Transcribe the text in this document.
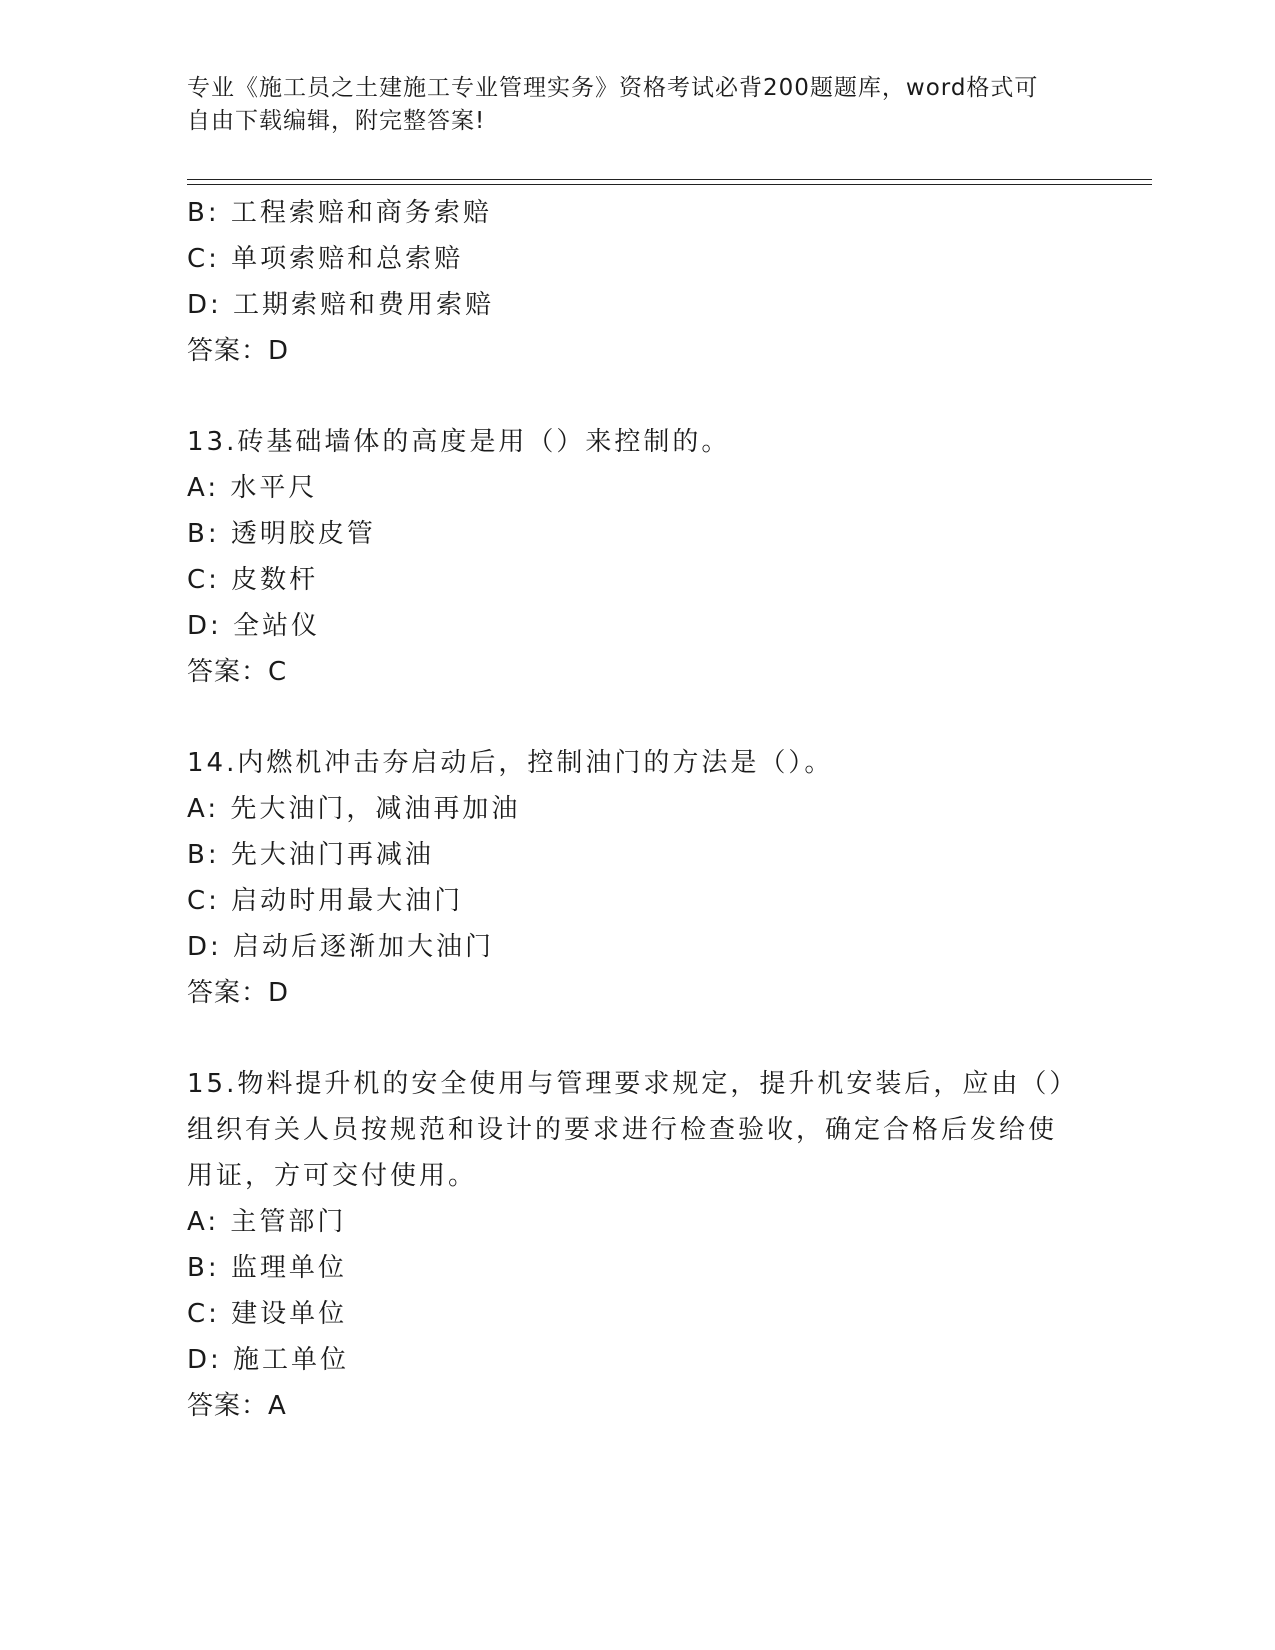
专业《施工员之土建施工专业管理实务》资格考试必背200题题库，word格式可
自由下载编辑，附完整答案!
B: 工程索赔和商务索赔
C: 单项索赔和总索赔
D: 工期索赔和费用索赔
答案：D
13.砖基础墙体的高度是用（）来控制的。
A: 水平尺
B: 透明胶皮管
C: 皮数杆
D: 全站仪
答案：C
14.内燃机冲击夯启动后，控制油门的方法是（）。
A: 先大油门，减油再加油
B: 先大油门再减油
C: 启动时用最大油门
D: 启动后逐渐加大油门
答案：D
15.物料提升机的安全使用与管理要求规定，提升机安装后，应由（）
组织有关人员按规范和设计的要求进行检查验收，确定合格后发给使
用证，方可交付使用。
A: 主管部门
B: 监理单位
C: 建设单位
D: 施工单位
答案：A
